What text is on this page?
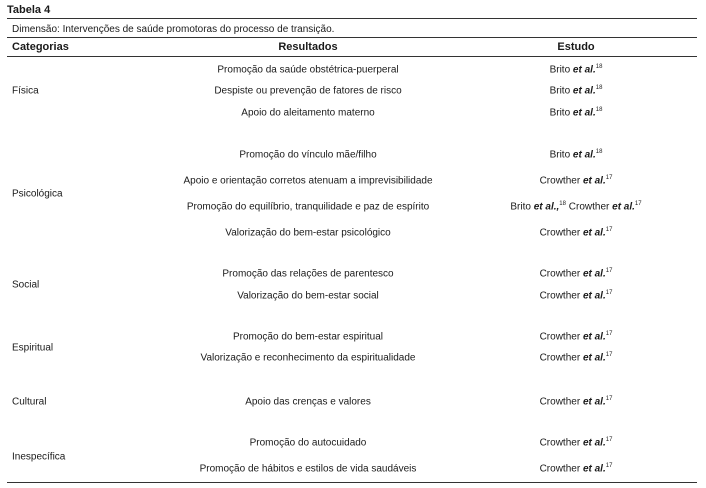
Tabela 4
Dimensão: Intervenções de saúde promotoras do processo de transição.
Categorias	Resultados	Estudo
Física
Promoção da saúde obstétrica-puerperal	Brito et al.$^{18}$
Despiste ou prevenção de fatores de risco	Brito et al.$^{18}$
Apoio do aleitamento materno	Brito et al.$^{18}$
Psicológica
Promoção do vínculo mãe/filho	Brito et al.$^{18}$
Apoio e orientação corretos atenuam a imprevisibilidade	Crowther et al.$^{17}$
Promoção do equilíbrio, tranquilidade e paz de espírito	Brito et al.,$^{18}$ Crowther et al.$^{17}$
Valorização do bem-estar psicológico	Crowther et al.$^{17}$
Social
Promoção das relações de parentesco	Crowther et al.$^{17}$
Valorização do bem-estar social	Crowther et al.$^{17}$
Espiritual
Promoção do bem-estar espiritual	Crowther et al.$^{17}$
Valorização e reconhecimento da espiritualidade	Crowther et al.$^{17}$
Cultural	Apoio das crenças e valores	Crowther et al.$^{17}$
Inespecífica
Promoção do autocuidado	Crowther et al.$^{17}$
Promoção de hábitos e estilos de vida saudáveis	Crowther et al.$^{17}$
